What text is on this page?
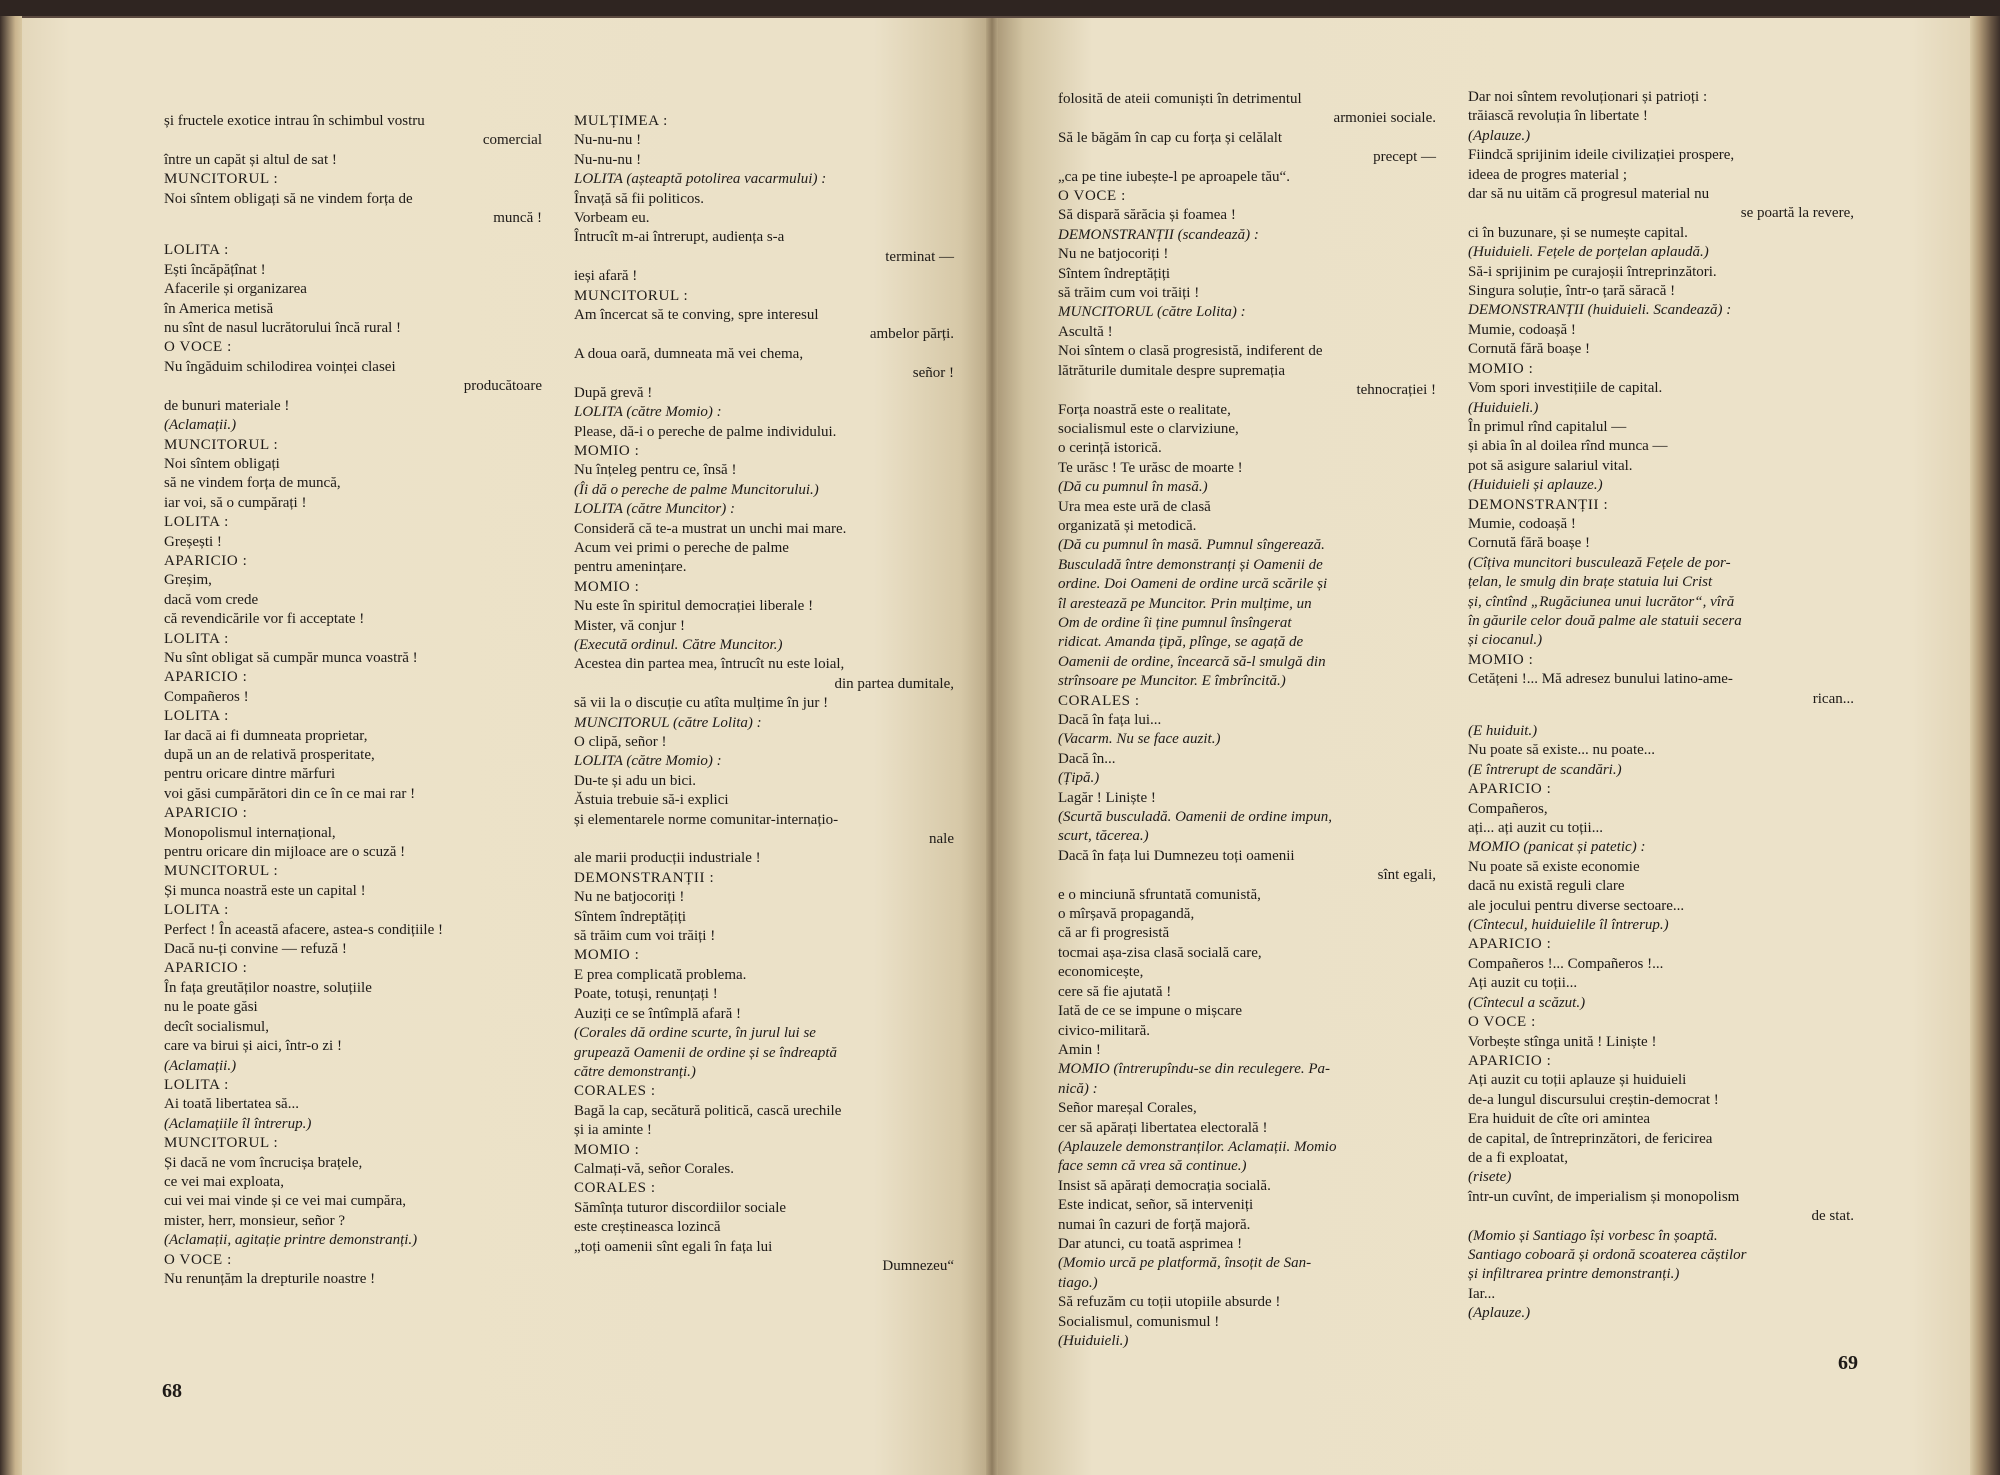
și fructele exotice intrau în schimbul vostru
comercial
între un capăt și altul de sat !
MUNCITORUL :
Noi sîntem obligați să ne vindem forța de
muncă !
LOLITA :
Ești încăpățînat !
Afacerile și organizarea
în America metisă
nu sînt de nasul lucrătorului încă rural !
O VOCE :
Nu îngăduim schilodirea voinței clasei
producătoare
de bunuri materiale !
(Aclamații.)
MUNCITORUL :
Noi sîntem obligați
să ne vindem forța de muncă,
iar voi, să o cumpărați !
LOLITA :
Greșești !
APARICIO :
Greșim,
dacă vom crede
că revendicările vor fi acceptate !
LOLITA :
Nu sînt obligat să cumpăr munca voastră !
APARICIO :
Compañeros !
LOLITA :
Iar dacă ai fi dumneata proprietar,
după un an de relativă prosperitate,
pentru oricare dintre mărfuri
voi găsi cumpărători din ce în ce mai rar !
APARICIO :
Monopolismul internațional,
pentru oricare din mijloace are o scuză !
MUNCITORUL :
Și munca noastră este un capital !
LOLITA :
Perfect ! În această afacere, astea-s condițiile !
Dacă nu-ți convine — refuză !
APARICIO :
În fața greutăților noastre, soluțiile
nu le poate găsi
decît socialismul,
care va birui și aici, într-o zi !
(Aclamații.)
LOLITA :
Ai toată libertatea să...
(Aclamațiile îl întrerup.)
MUNCITORUL :
Și dacă ne vom încrucișa brațele,
ce vei mai exploata,
cui vei mai vinde și ce vei mai cumpăra,
mister, herr, monsieur, señor ?
(Aclamații, agitație printre demonstranți.)
O VOCE :
Nu renunțăm la drepturile noastre !
MULȚIMEA :
Nu-nu-nu !
Nu-nu-nu !
LOLITA (așteaptă potolirea vacarmului) :
Învață să fii politicos.
Vorbeam eu.
Întrucît m-ai întrerupt, audiența s-a
terminat —
ieși afară !
MUNCITORUL :
Am încercat să te conving, spre interesul
ambelor părți.
A doua oară, dumneata mă vei chema,
señor !
După grevă !
LOLITA (către Momio) :
Please, dă-i o pereche de palme individului.
MOMIO :
Nu înțeleg pentru ce, însă !
(Îi dă o pereche de palme Muncitorului.)
LOLITA (către Muncitor) :
Consideră că te-a mustrat un unchi mai mare.
Acum vei primi o pereche de palme
pentru amenințare.
MOMIO :
Nu este în spiritul democrației liberale !
Mister, vă conjur !
(Execută ordinul. Către Muncitor.)
Acestea din partea mea, întrucît nu este loial,
din partea dumitale,
să vii la o discuție cu atîta mulțime în jur !
MUNCITORUL (către Lolita) :
O clipă, señor !
LOLITA (către Momio) :
Du-te și adu un bici.
Ăstuia trebuie să-i explici
și elementarele norme comunitar-internațio-
nale
ale marii producții industriale !
DEMONSTRANȚII :
Nu ne batjocoriți !
Sîntem îndreptățiți
să trăim cum voi trăiți !
MOMIO :
E prea complicată problema.
Poate, totuși, renunțați !
Auziți ce se întîmplă afară !
(Corales dă ordine scurte, în jurul lui se
grupează Oamenii de ordine și se îndreaptă
către demonstranți.)
CORALES :
Bagă la cap, secătură politică, cască urechile
și ia aminte !
MOMIO :
Calmați-vă, señor Corales.
CORALES :
Sămînța tuturor discordiilor sociale
este creștineasca lozincă
„toți oamenii sînt egali în fața lui
Dumnezeu“
folosită de ateii comuniști în detrimentul
armoniei sociale.
Să le băgăm în cap cu forța și celălalt
precept —
„ca pe tine iubește-l pe aproapele tău“.
O VOCE :
Să dispară sărăcia și foamea !
DEMONSTRANȚII (scandează) :
Nu ne batjocoriți !
Sîntem îndreptățiți
să trăim cum voi trăiți !
MUNCITORUL (către Lolita) :
Ascultă !
Noi sîntem o clasă progresistă, indiferent de
lătrăturile dumitale despre supremația
tehnocrației !
Forța noastră este o realitate,
socialismul este o clarviziune,
o cerință istorică.
Te urăsc ! Te urăsc de moarte !
(Dă cu pumnul în masă.)
Ura mea este ură de clasă
organizată și metodică.
(Dă cu pumnul în masă. Pumnul sîngerează.
Busculadă între demonstranți și Oamenii de
ordine. Doi Oameni de ordine urcă scările și
îl arestează pe Muncitor. Prin mulțime, un
Om de ordine îi ține pumnul însîngerat
ridicat. Amanda țipă, plînge, se agață de
Oamenii de ordine, încearcă să-l smulgă din
strînsoare pe Muncitor. E îmbrîncită.)
CORALES :
Dacă în fața lui...
(Vacarm. Nu se face auzit.)
Dacă în...
(Țipă.)
Lagăr ! Liniște !
(Scurtă busculadă. Oamenii de ordine impun,
scurt, tăcerea.)
Dacă în fața lui Dumnezeu toți oamenii
sînt egali,
e o minciună sfruntată comunistă,
o mîrșavă propagandă,
că ar fi progresistă
tocmai așa-zisa clasă socială care,
economicește,
cere să fie ajutată !
Iată de ce se impune o mișcare
civico-militară.
Amin !
MOMIO (întrerupîndu-se din reculegere. Pa-
nică) :
Señor mareșal Corales,
cer să apărați libertatea electorală !
(Aplauzele demonstranților. Aclamații. Momio
face semn că vrea să continue.)
Insist să apărați democrația socială.
Este indicat, señor, să interveniți
numai în cazuri de forță majoră.
Dar atunci, cu toată asprimea !
(Momio urcă pe platformă, însoțit de San-
tiago.)
Să refuzăm cu toții utopiile absurde !
Socialismul, comunismul !
(Huiduieli.)
Dar noi sîntem revoluționari și patrioți :
trăiască revoluția în libertate !
(Aplauze.)
Fiindcă sprijinim ideile civilizației prospere,
ideea de progres material ;
dar să nu uităm că progresul material nu
se poartă la revere,
ci în buzunare, și se numește capital.
(Huiduieli. Fețele de porțelan aplaudă.)
Să-i sprijinim pe curajoșii întreprinzători.
Singura soluție, într-o țară săracă !
DEMONSTRANȚII (huiduieli. Scandează) :
Mumie, codoașă !
Cornută fără boașe !
MOMIO :
Vom spori investițiile de capital.
(Huiduieli.)
În primul rînd capitalul —
și abia în al doilea rînd munca —
pot să asigure salariul vital.
(Huiduieli și aplauze.)
DEMONSTRANȚII :
Mumie, codoașă !
Cornută fără boașe !
(Cîțiva muncitori busculează Fețele de por-
țelan, le smulg din brațe statuia lui Crist
și, cîntînd „Rugăciunea unui lucrător“, vîră
în găurile celor două palme ale statuii secera
și ciocanul.)
MOMIO :
Cetățeni !... Mă adresez bunului latino-ame-
rican...
(E huiduit.)
Nu poate să existe... nu poate...
(E întrerupt de scandări.)
APARICIO :
Compañeros,
ați... ați auzit cu toții...
MOMIO (panicat și patetic) :
Nu poate să existe economie
dacă nu există reguli clare
ale jocului pentru diverse sectoare...
(Cîntecul, huiduielile îl întrerup.)
APARICIO :
Compañeros !... Compañeros !...
Ați auzit cu toții...
(Cîntecul a scăzut.)
O VOCE :
Vorbește stînga unită ! Liniște !
APARICIO :
Ați auzit cu toții aplauze și huiduieli
de-a lungul discursului creștin-democrat !
Era huiduit de cîte ori amintea
de capital, de întreprinzători, de fericirea
de a fi exploatat,
(risete)
într-un cuvînt, de imperialism și monopolism
de stat.
(Momio și Santiago își vorbesc în șoaptă.
Santiago coboară și ordonă scoaterea căștilor
și infiltrarea printre demonstranți.)
Iar...
(Aplauze.)
68
69
